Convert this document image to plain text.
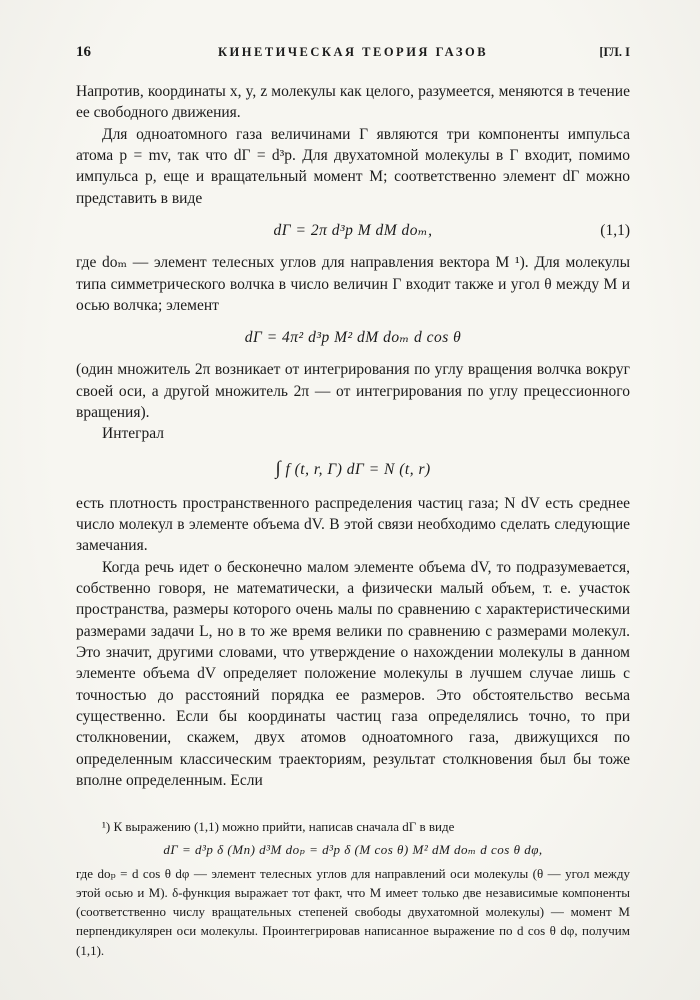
16	КИНЕТИЧЕСКАЯ ТЕОРИЯ ГАЗОВ	[ГЛ. I

Напротив, координаты x, y, z молекулы как целого, разумеется, меняются в течение ее свободного движения.

Для одноатомного газа величинами Γ являются три компоненты импульса атома p = mv, так что dΓ = d³p. Для двухатомной молекулы в Γ входит, помимо импульса p, еще и вращательный момент M; соответственно элемент dΓ можно представить в виде

dΓ = 2π d³p M dM doₘ,	(1,1)

где doₘ — элемент телесных углов для направления вектора M ¹). Для молекулы типа симметрического волчка в число величин Γ входит также и угол θ между M и осью волчка; элемент

dΓ = 4π² d³p M² dM doₘ d cos θ

(один множитель 2π возникает от интегрирования по углу вращения волчка вокруг своей оси, а другой множитель 2π — от интегрирования по углу прецессионного вращения).

Интеграл

∫ f (t, r, Γ) dΓ = N (t, r)

есть плотность пространственного распределения частиц газа; N dV есть среднее число молекул в элементе объема dV. В этой связи необходимо сделать следующие замечания.

Когда речь идет о бесконечно малом элементе объема dV, то подразумевается, собственно говоря, не математически, а физически малый объем, т. е. участок пространства, размеры которого очень малы по сравнению с характеристическими размерами задачи L, но в то же время велики по сравнению с размерами молекул. Это значит, другими словами, что утверждение о нахождении молекулы в данном элементе объема dV определяет положение молекулы в лучшем случае лишь с точностью до расстояний порядка ее размеров. Это обстоятельство весьма существенно. Если бы координаты частиц газа определялись точно, то при столкновении, скажем, двух атомов одноатомного газа, движущихся по определенным классическим траекториям, результат столкновения был бы тоже вполне определенным. Если

¹) К выражению (1,1) можно прийти, написав сначала dΓ в виде

dΓ = d³p δ (Mn) d³M doₚ = d³p δ (M cos θ) M² dM doₘ d cos θ dφ,

где doₚ = d cos θ dφ — элемент телесных углов для направлений оси молекулы (θ — угол между этой осью и M). δ-функция выражает тот факт, что M имеет только две независимые компоненты (соответственно числу вращательных степеней свободы двухатомной молекулы) — момент M перпендикулярен оси молекулы. Проинтегрировав написанное выражение по d cos θ dφ, получим (1,1).
